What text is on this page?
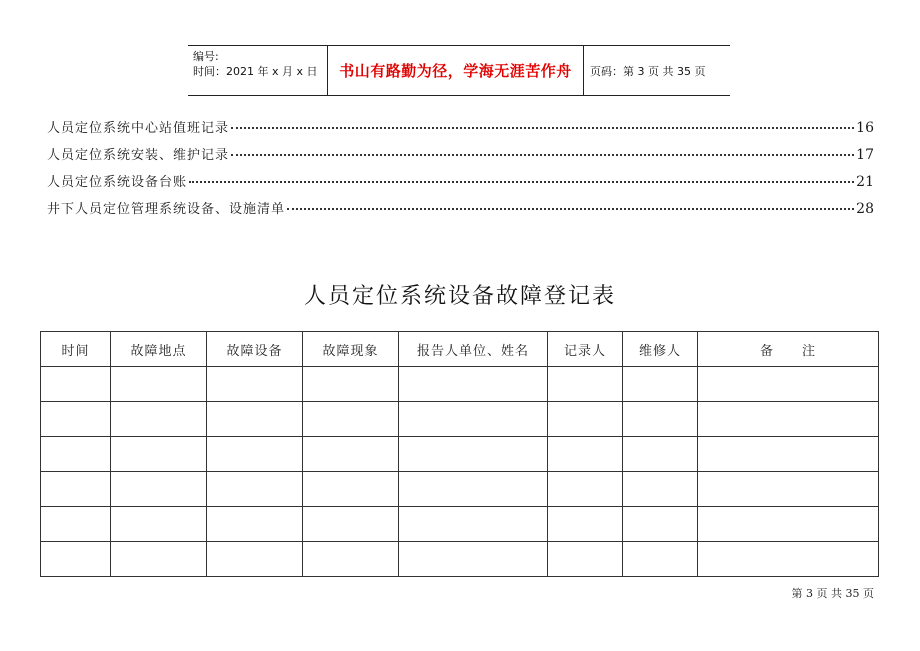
编号:
时间：2021 年 x 月 x 日	书山有路勤为径，学海无涯苦作舟	页码：第 3 页 共 35 页
人员定位系统中心站值班记录	16
人员定位系统安装、维护记录	17
人员定位系统设备台账	21
井下人员定位管理系统设备、设施清单	28
人员定位系统设备故障登记表
时间	故障地点	故障设备	故障现象	报告人单位、姓名	记录人	维修人	备　　注

第 3 页 共 35 页
